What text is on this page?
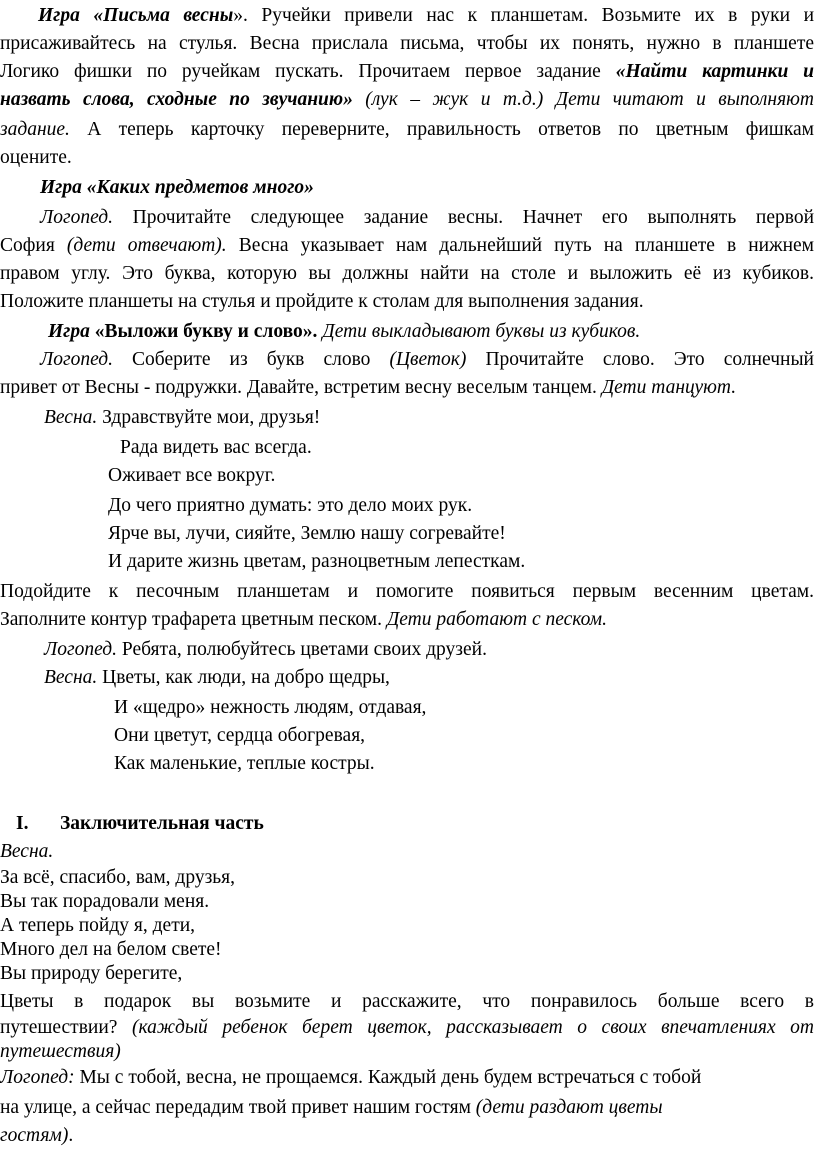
Игра «Письма весны». Ручейки привели нас к планшетам. Возьмите их в руки и
присаживайтесь на стулья. Весна прислала письма, чтобы их понять, нужно в планшете
Логико фишки по ручейкам пускать. Прочитаем первое задание «Найти картинки и
назвать слова, сходные по звучанию» (лук – жук и т.д.) Дети читают и выполняют
задание. А теперь карточку переверните, правильность ответов по цветным фишкам
оцените.
Игра «Каких предметов много»
Логопед. Прочитайте следующее задание весны. Начнет его выполнять первой
София (дети отвечают). Весна указывает нам дальнейший путь на планшете в нижнем
правом углу. Это буква, которую вы должны найти на столе и выложить её из кубиков.
Положите планшеты на стулья и пройдите к столам для выполнения задания.
Игра «Выложи букву и слово». Дети выкладывают буквы из кубиков.
Логопед. Соберите из букв слово (Цветок) Прочитайте слово. Это солнечный
привет от Весны - подружки. Давайте, встретим весну веселым танцем. Дети танцуют.
Весна. Здравствуйте мои, друзья!
Рада видеть вас всегда.
Оживает все вокруг.
До чего приятно думать: это дело моих рук.
Ярче вы, лучи, сияйте, Землю нашу согревайте!
И дарите жизнь цветам, разноцветным лепесткам.
Подойдите к песочным планшетам и помогите появиться первым весенним цветам.
Заполните контур трафарета цветным песком. Дети работают с песком.
Логопед. Ребята, полюбуйтесь цветами своих друзей.
Весна. Цветы, как люди, на добро щедры,
И «щедро» нежность людям, отдавая,
Они цветут, сердца обогревая,
Как маленькие, теплые костры.
I. Заключительная часть
Весна.
За всё, спасибо, вам, друзья,
Вы так порадовали меня.
А теперь пойду я, дети,
Много дел на белом свете!
Вы природу берегите,
Цветы в подарок вы возьмите и расскажите, что понравилось больше всего в
путешествии? (каждый ребенок берет цветок, рассказывает о своих впечатлениях от
путешествия)
Логопед: Мы с тобой, весна, не прощаемся. Каждый день будем встречаться с тобой
на улице, а сейчас передадим твой привет нашим гостям (дети раздают цветы
гостям).
